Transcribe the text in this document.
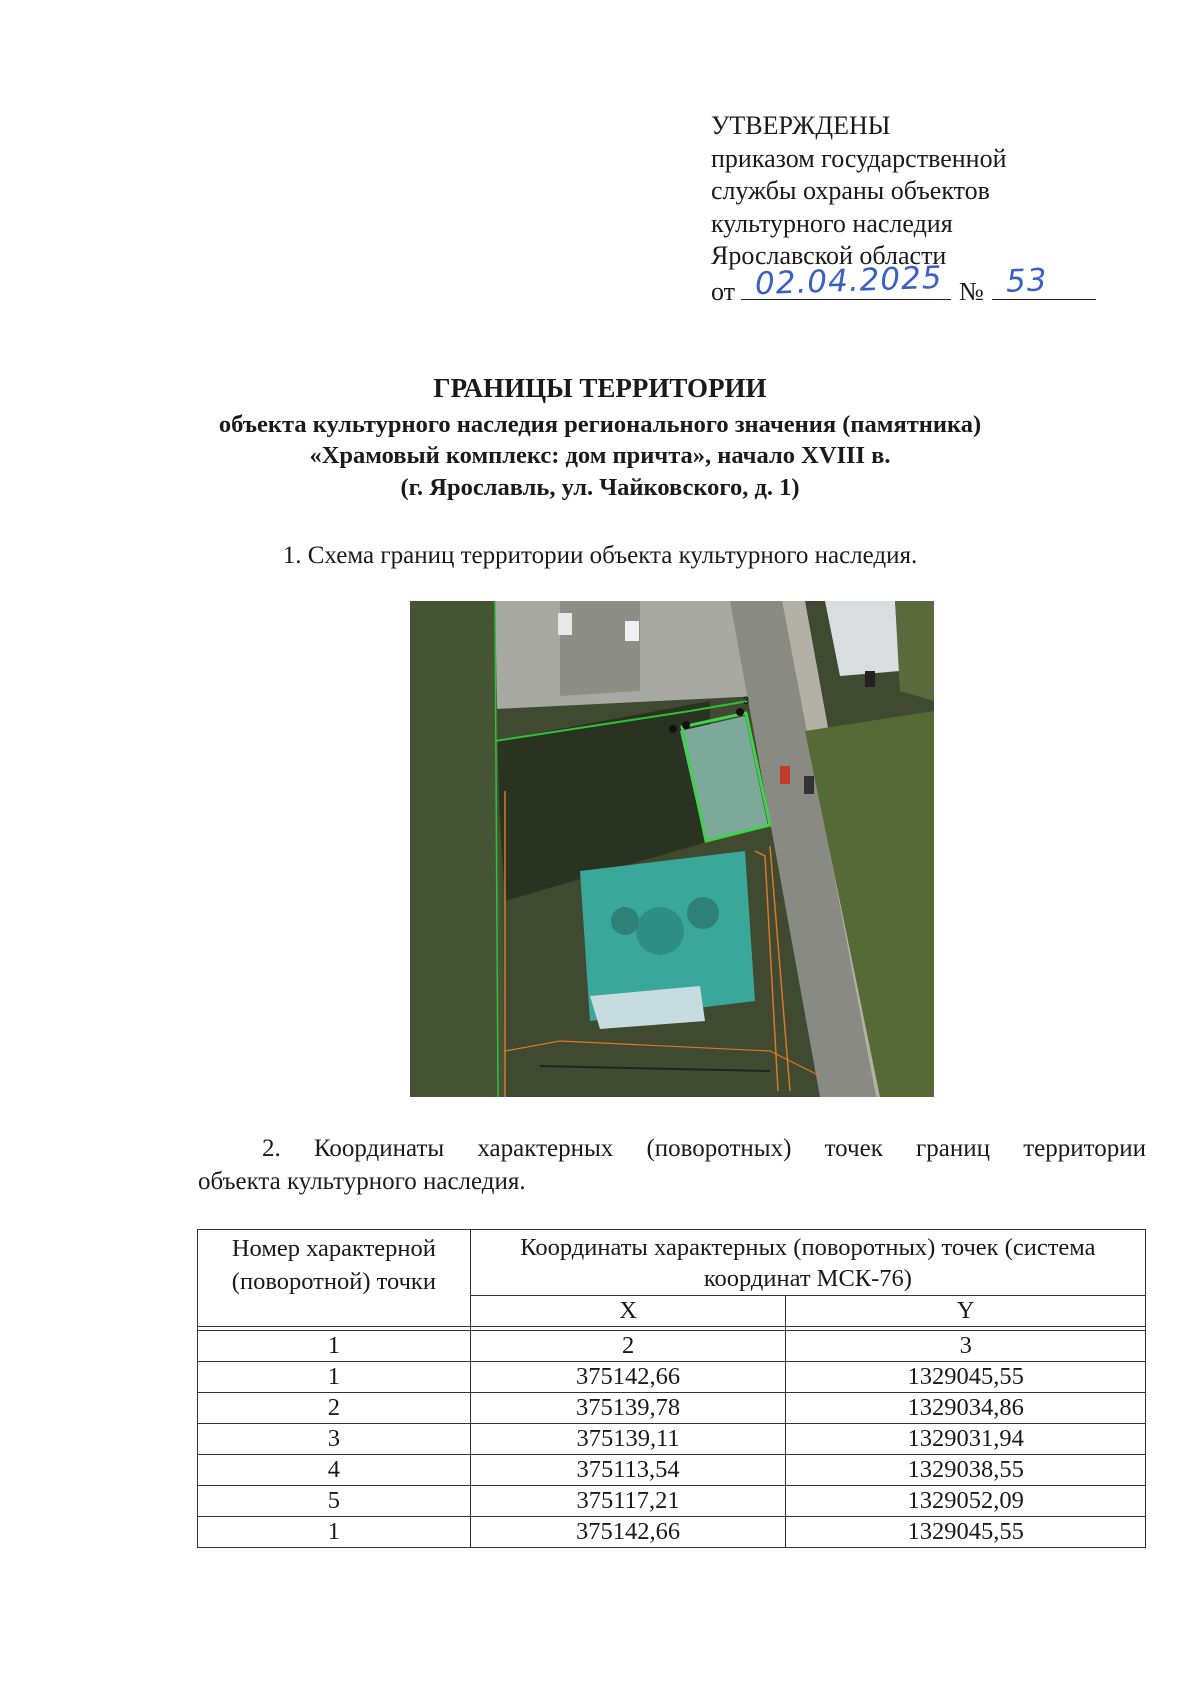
УТВЕРЖДЕНЫ
приказом государственной
службы охраны объектов
культурного наследия
Ярославской области
от 02.04.2025 № 53
ГРАНИЦЫ ТЕРРИТОРИИ
объекта культурного наследия регионального значения (памятника)
«Храмовый комплекс: дом причта», начало XVIII в.
(г. Ярославль, ул. Чайковского, д. 1)
1. Схема границ территории объекта культурного наследия.
3
2. Координаты характерных (поворотных) точек границ территории
объекта культурного наследия.
Номер характерной (поворотной) точки	Координаты характерных (поворотных) точек (система координат МСК-76)	
	X	Y

1	2	3
1	375142,66	1329045,55
2	375139,78	1329034,86
3	375139,11	1329031,94
4	375113,54	1329038,55
5	375117,21	1329052,09
1	375142,66	1329045,55
